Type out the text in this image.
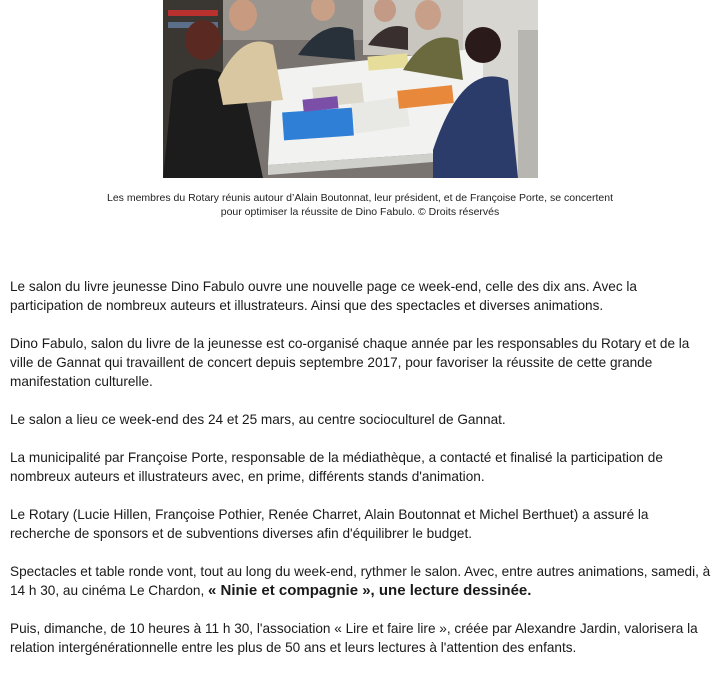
Les membres du Rotary réunis autour d’Alain Boutonnat, leur président, et de Françoise Porte, se concertent

pour optimiser la réussite de Dino Fabulo. © Droits réservés

Le salon du livre jeunesse Dino Fabulo ouvre une nouvelle page ce week-end, celle des dix ans. Avec la participation de nombreux auteurs et illustrateurs. Ainsi que des spectacles et diverses animations.

Dino Fabulo, salon du livre de la jeunesse est co-organisé chaque année par les responsables du Rotary et de la ville de Gannat qui travaillent de concert depuis septembre 2017, pour favoriser la réussite de cette grande manifestation culturelle.

Le salon a lieu ce week-end des 24 et 25 mars, au centre socioculturel de Gannat.

La municipalité par Françoise Porte, responsable de la médiathèque, a contacté et finalisé la participation de nombreux auteurs et illustrateurs avec, en prime, différents stands d'animation.

Le Rotary (Lucie Hillen, Françoise Pothier, Renée Charret, Alain Boutonnat et Michel Berthuet) a assuré la recherche de sponsors et de subventions diverses afin d'équilibrer le budget.

Spectacles et table ronde vont, tout au long du week-end, rythmer le salon. Avec, entre autres animations, samedi, à 14 h 30, au cinéma Le Chardon, « Ninie et compagnie », une lecture dessinée.

Puis, dimanche, de 10 heures à 11 h 30, l'association « Lire et faire lire », créée par Alexandre Jardin, valorisera la relation intergénérationnelle entre les plus de 50 ans et leurs lectures à l'attention des enfants.
